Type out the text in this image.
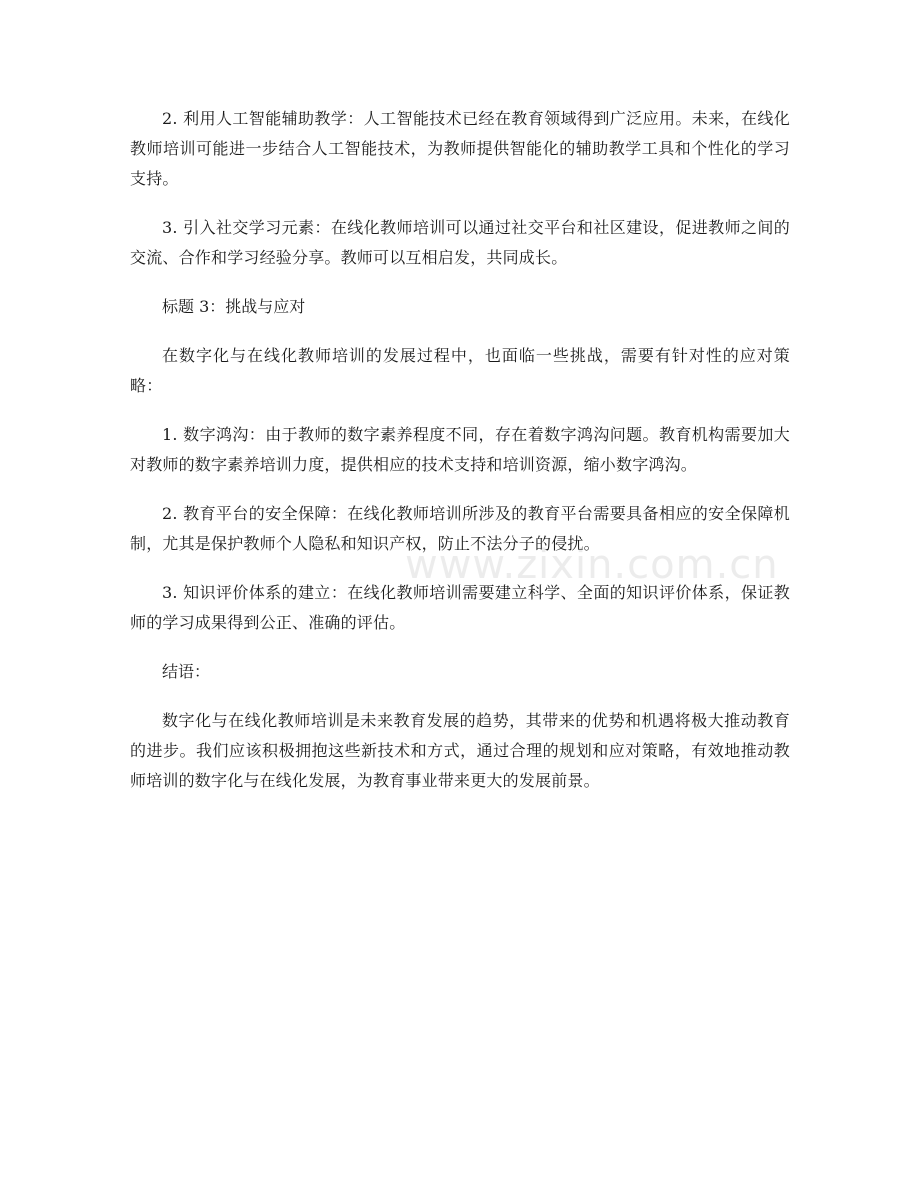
2. 利用人工智能辅助教学：人工智能技术已经在教育领域得到广泛应用。未来，在线化教师培训可能进一步结合人工智能技术，为教师提供智能化的辅助教学工具和个性化的学习支持。

3. 引入社交学习元素：在线化教师培训可以通过社交平台和社区建设，促进教师之间的交流、合作和学习经验分享。教师可以互相启发，共同成长。

标题 3：挑战与应对

在数字化与在线化教师培训的发展过程中，也面临一些挑战，需要有针对性的应对策略：

1. 数字鸿沟：由于教师的数字素养程度不同，存在着数字鸿沟问题。教育机构需要加大对教师的数字素养培训力度，提供相应的技术支持和培训资源，缩小数字鸿沟。

2. 教育平台的安全保障：在线化教师培训所涉及的教育平台需要具备相应的安全保障机制，尤其是保护教师个人隐私和知识产权，防止不法分子的侵扰。

3. 知识评价体系的建立：在线化教师培训需要建立科学、全面的知识评价体系，保证教师的学习成果得到公正、准确的评估。

结语：

数字化与在线化教师培训是未来教育发展的趋势，其带来的优势和机遇将极大推动教育的进步。我们应该积极拥抱这些新技术和方式，通过合理的规划和应对策略，有效地推动教师培训的数字化与在线化发展，为教育事业带来更大的发展前景。

www.zixin.com.cn
